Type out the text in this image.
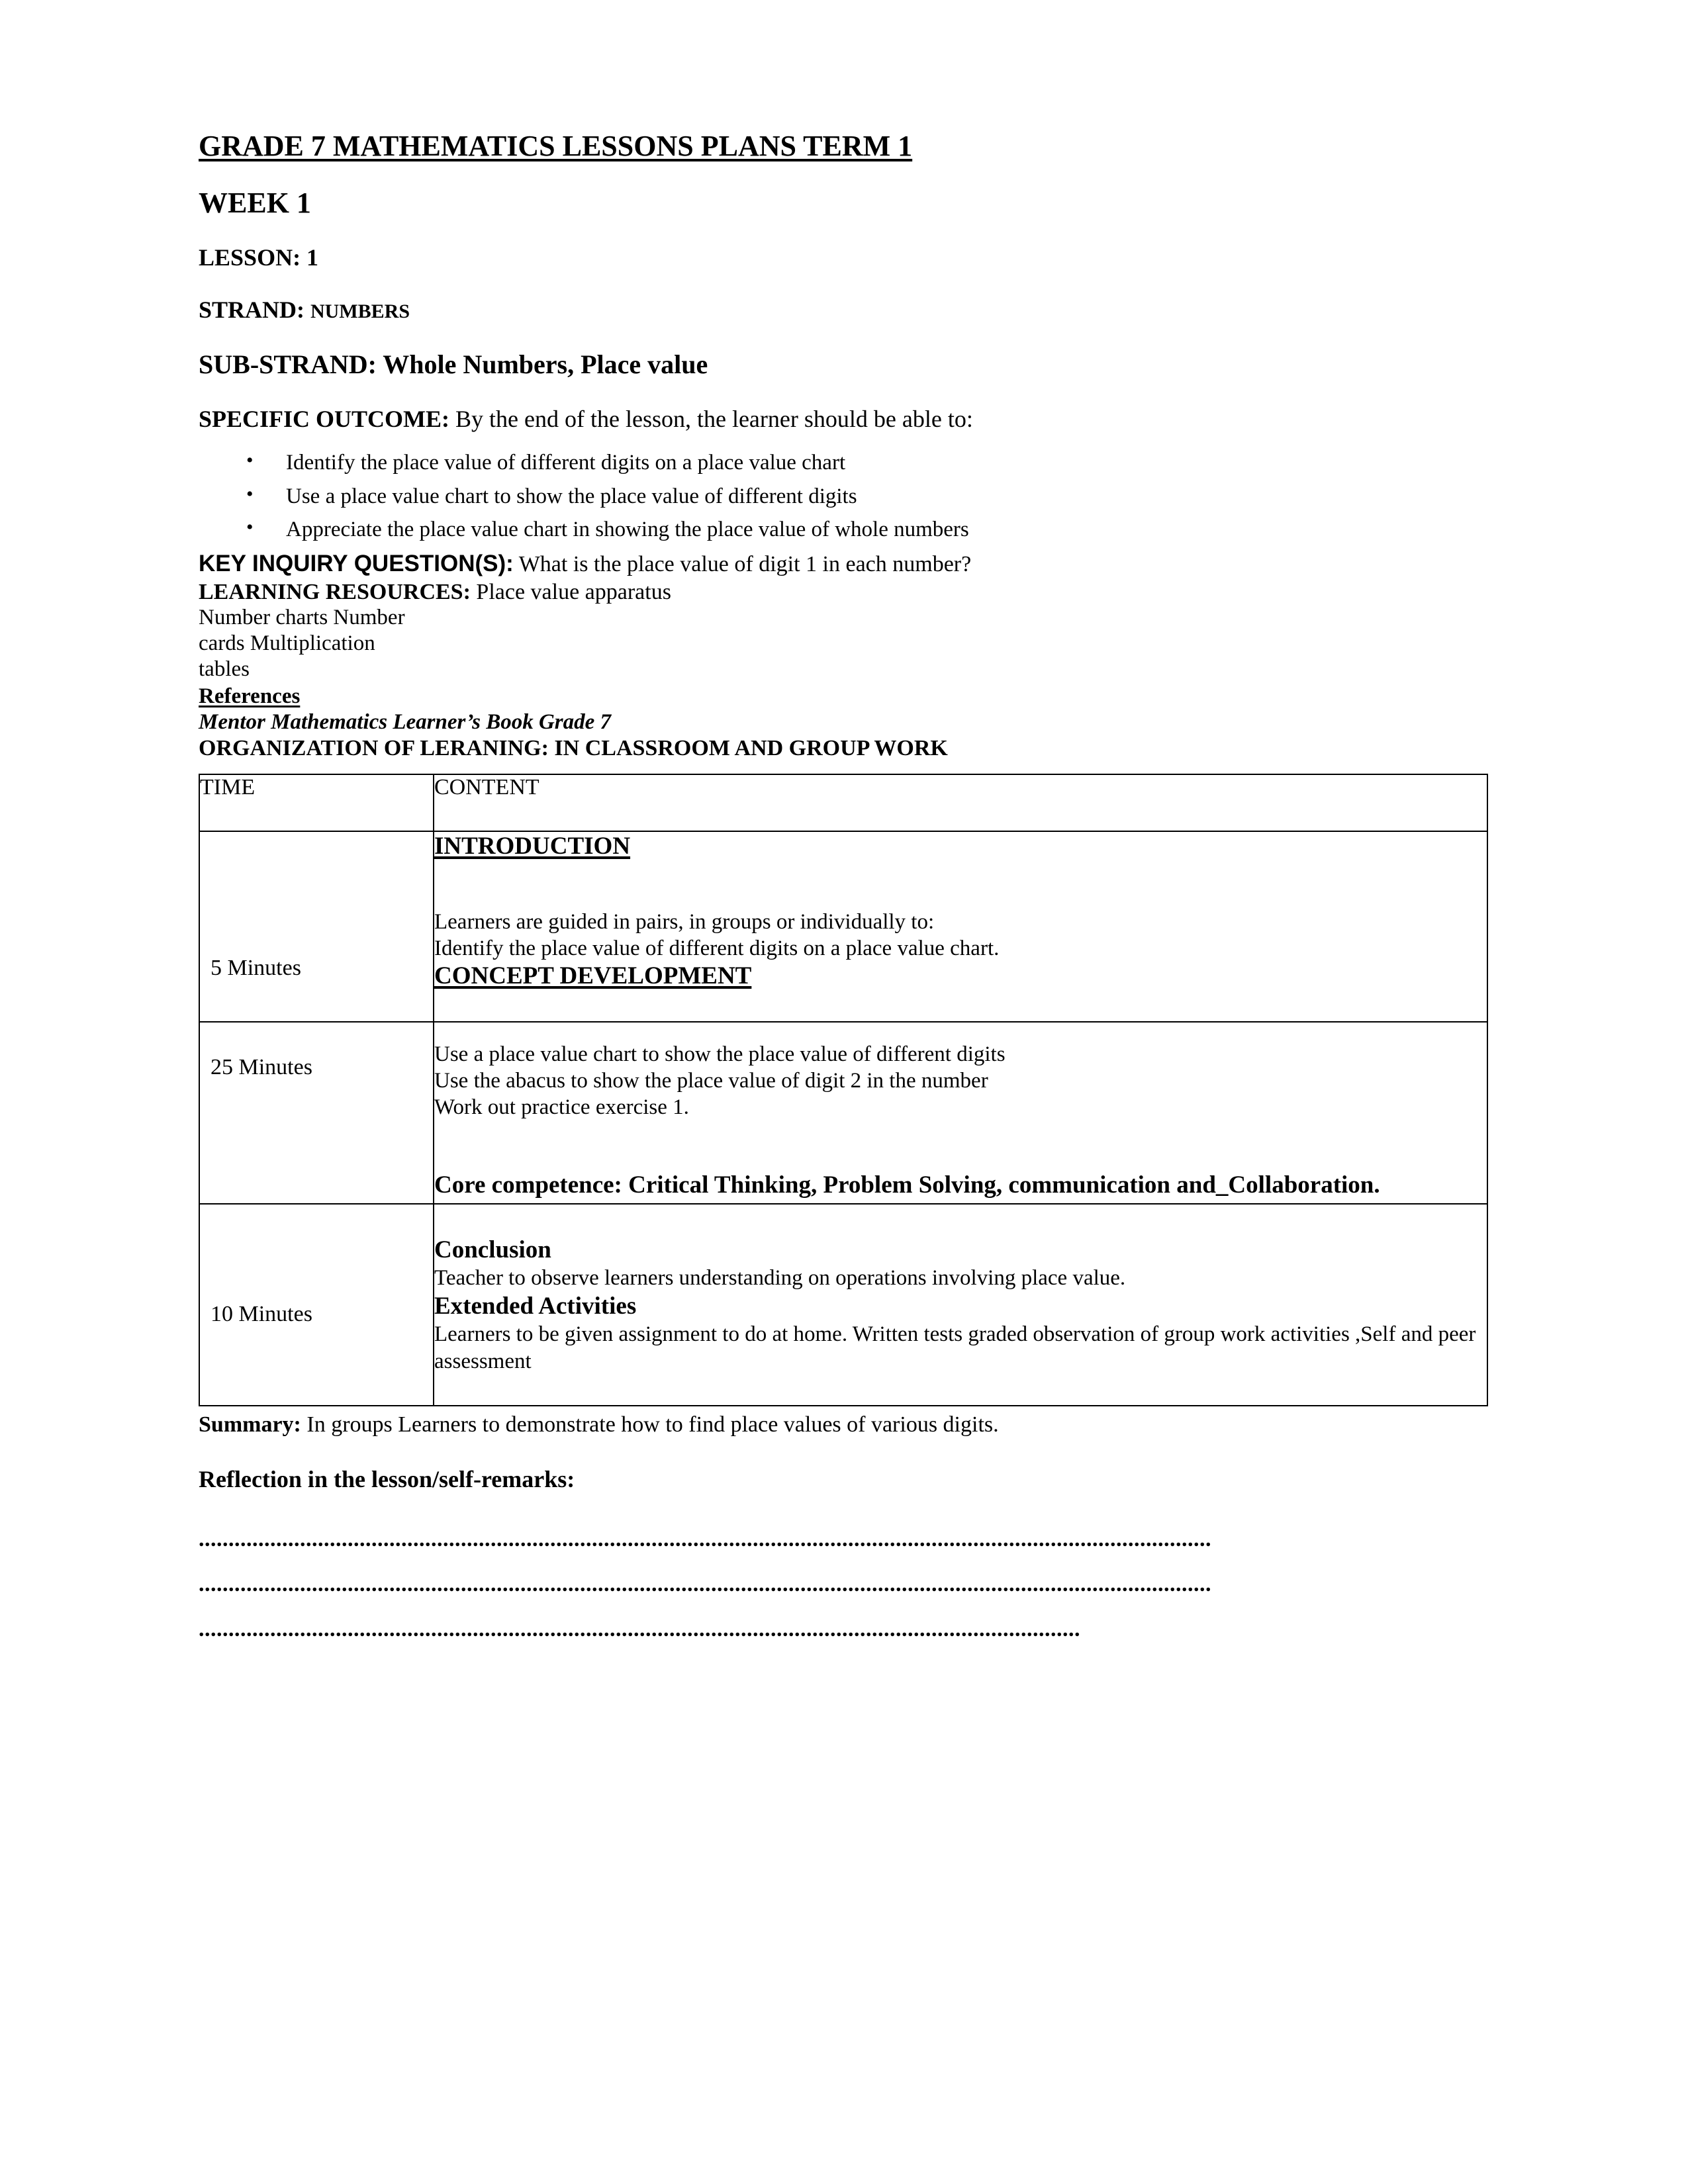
GRADE 7 MATHEMATICS LESSONS PLANS TERM 1
WEEK 1
LESSON: 1
STRAND: NUMBERS
SUB-STRAND: Whole Numbers, Place value
SPECIFIC OUTCOME: By the end of the lesson, the learner should be able to:
• Identify the place value of different digits on a place value chart
• Use a place value chart to show the place value of different digits
• Appreciate the place value chart in showing the place value of whole numbers
KEY INQUIRY QUESTION(S): What is the place value of digit 1 in each number?
LEARNING RESOURCES: Place value apparatus
Number charts Number
cards Multiplication
tables
References
Mentor Mathematics Learner’s Book Grade 7
ORGANIZATION OF LERANING: IN CLASSROOM AND GROUP WORK
TIME	CONTENT

5 Minutes	INTRODUCTION
Learners are guided in pairs, in groups or individually to:
Identify the place value of different digits on a place value chart.
CONCEPT DEVELOPMENT

25 Minutes	Use a place value chart to show the place value of different digits
Use the abacus to show the place value of digit 2 in the number
Work out practice exercise 1.
Core competence: Critical Thinking, Problem Solving, communication and_Collaboration.

10 Minutes	Conclusion
Teacher to observe learners understanding on operations involving place value.
Extended Activities
Learners to be given assignment to do at home. Written tests graded observation of group work activities ,Self and peer assessment
Summary: In groups Learners to demonstrate how to find place values of various digits.
Reflection in the lesson/self-remarks:
..........................................................................................................................................................................
..........................................................................................................................................................................
....................................................................................................................................................
